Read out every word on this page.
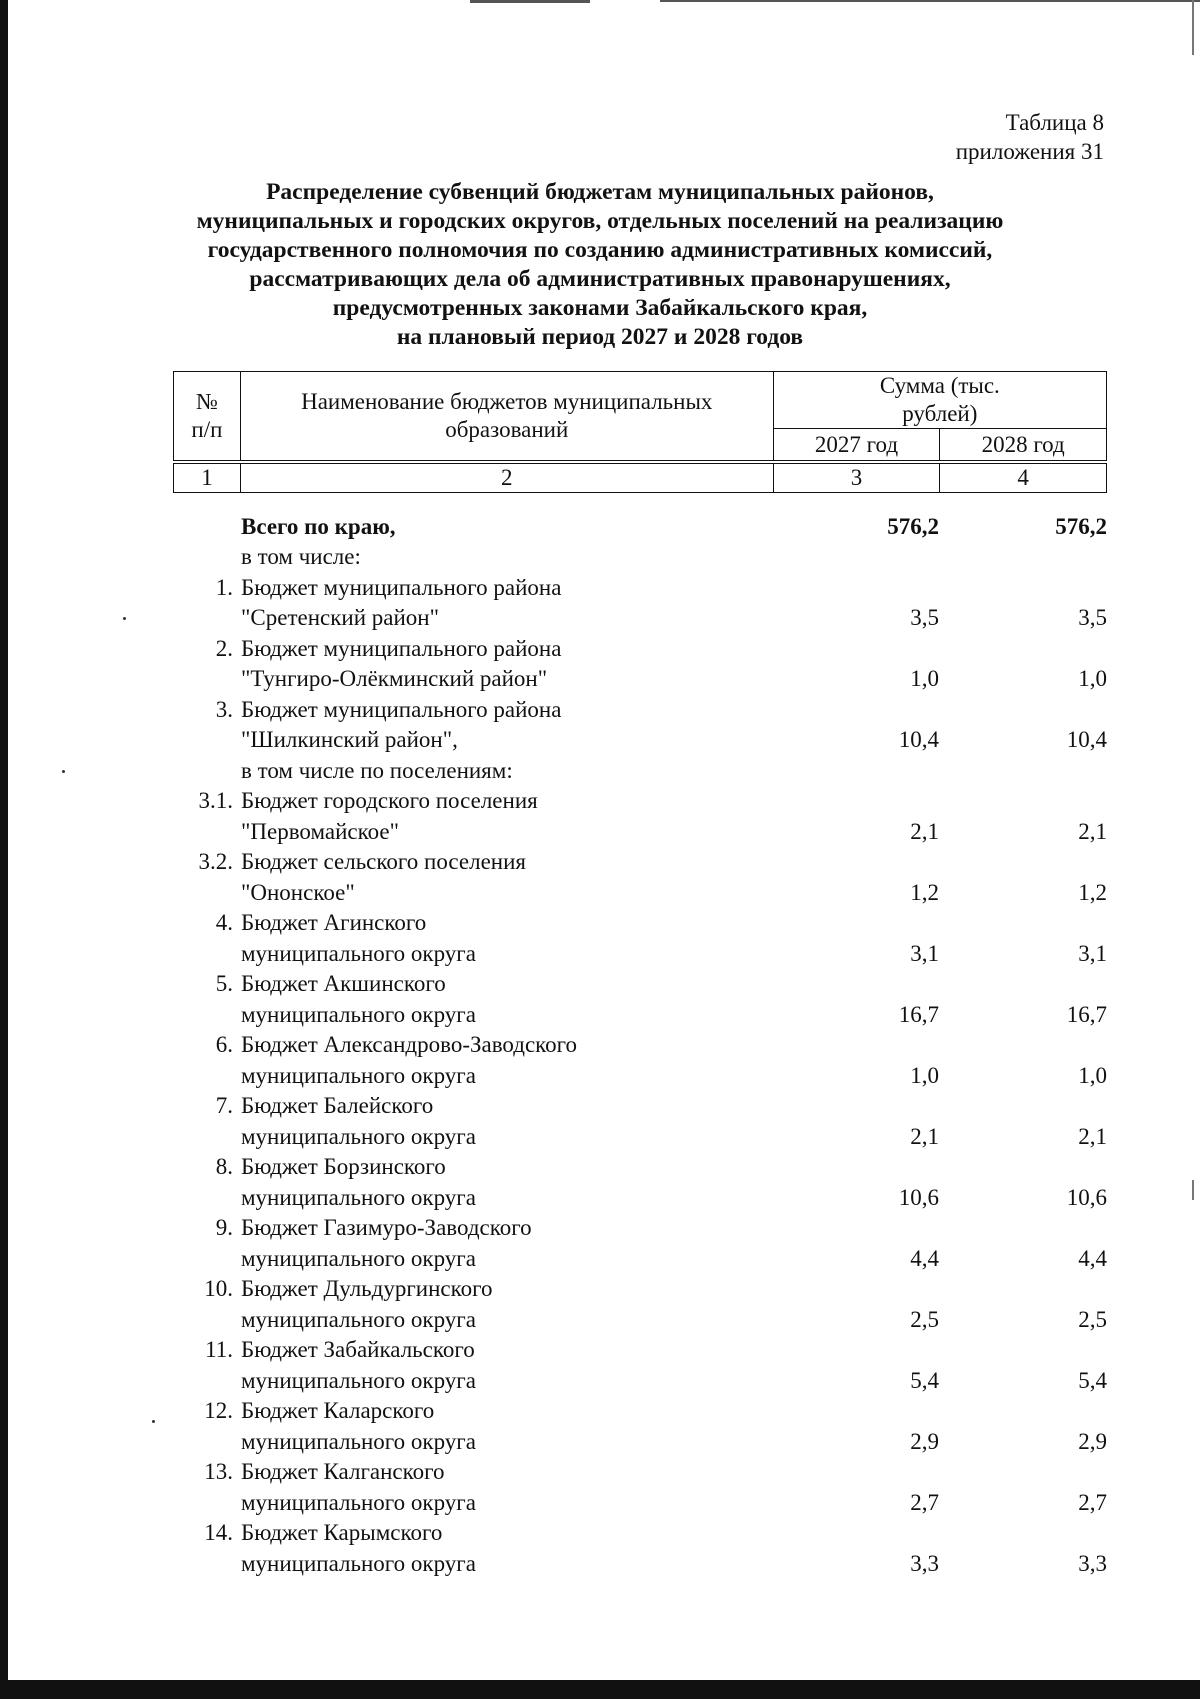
Таблица 8
приложения 31
Распределение субвенций бюджетам муниципальных районов,
муниципальных и городских округов, отдельных поселений на реализацию
государственного полномочия по созданию административных комиссий,
рассматривающих дела об административных правонарушениях,
предусмотренных законами Забайкальского края,
на плановый период 2027 и 2028 годов
№ п/п	Наименование бюджетов муниципальных образований	Сумма (тыс. рублей)	
		2027 год	2028 год

1	2	3	4
Всего по краю,	576,2	576,2
в том числе:
1. Бюджет муниципального района
"Сретенский район"	3,5	3,5
2. Бюджет муниципального района
"Тунгиро-Олёкминский район"	1,0	1,0
3. Бюджет муниципального района
"Шилкинский район",	10,4	10,4
в том числе по поселениям:
3.1. Бюджет городского поселения
"Первомайское"	2,1	2,1
3.2. Бюджет сельского поселения
"Ононское"	1,2	1,2
4. Бюджет Агинского
муниципального округа	3,1	3,1
5. Бюджет Акшинского
муниципального округа	16,7	16,7
6. Бюджет Александрово-Заводского
муниципального округа	1,0	1,0
7. Бюджет Балейского
муниципального округа	2,1	2,1
8. Бюджет Борзинского
муниципального округа	10,6	10,6
9. Бюджет Газимуро-Заводского
муниципального округа	4,4	4,4
10. Бюджет Дульдургинского
муниципального округа	2,5	2,5
11. Бюджет Забайкальского
муниципального округа	5,4	5,4
12. Бюджет Каларского
муниципального округа	2,9	2,9
13. Бюджет Калганского
муниципального округа	2,7	2,7
14. Бюджет Карымского
муниципального округа	3,3	3,3
